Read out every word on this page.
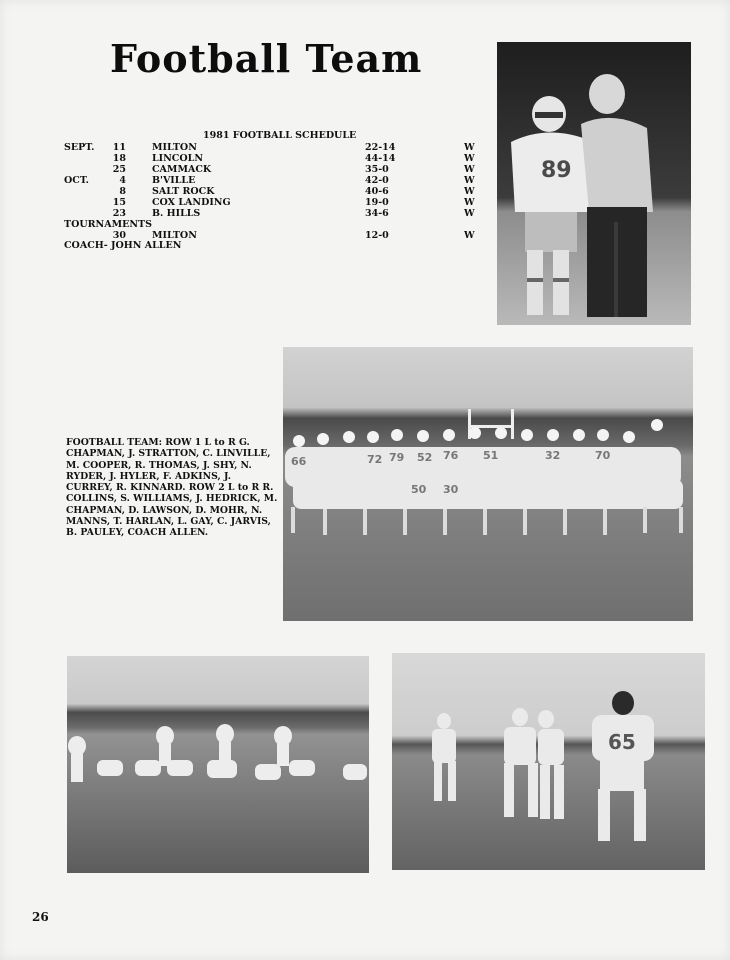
Football Team
1981 FOOTBALL SCHEDULE
SEPT. 11	MILTON	22-14	W
18	LINCOLN	44-14	W
25	CAMMACK	35-0	W
OCT.	4	B'VILLE	42-0	W
8	SALT ROCK	40-6	W
15	COX LANDING	19-0	W
23	B. HILLS	34-6	W
TOURNAMENTS
30	MILTON	12-0	W
COACH- JOHN ALLEN
FOOTBALL TEAM: ROW 1 L to R G. CHAPMAN, J. STRATTON, C. LINVILLE, M. COOPER, R. THOMAS, J. SHY, N. RYDER, J. HYLER, F. ADKINS, J. CURREY, R. KINNARD. ROW 2 L to R R. COLLINS, S. WILLIAMS, J. HEDRICK, M. CHAPMAN, D. LAWSON, D. MOHR, N. MANNS, T. HARLAN, L. GAY, C. JARVIS, B. PAULEY, COACH ALLEN.
89
66	72 79 52 76 51	32	70
50 30
65
26
